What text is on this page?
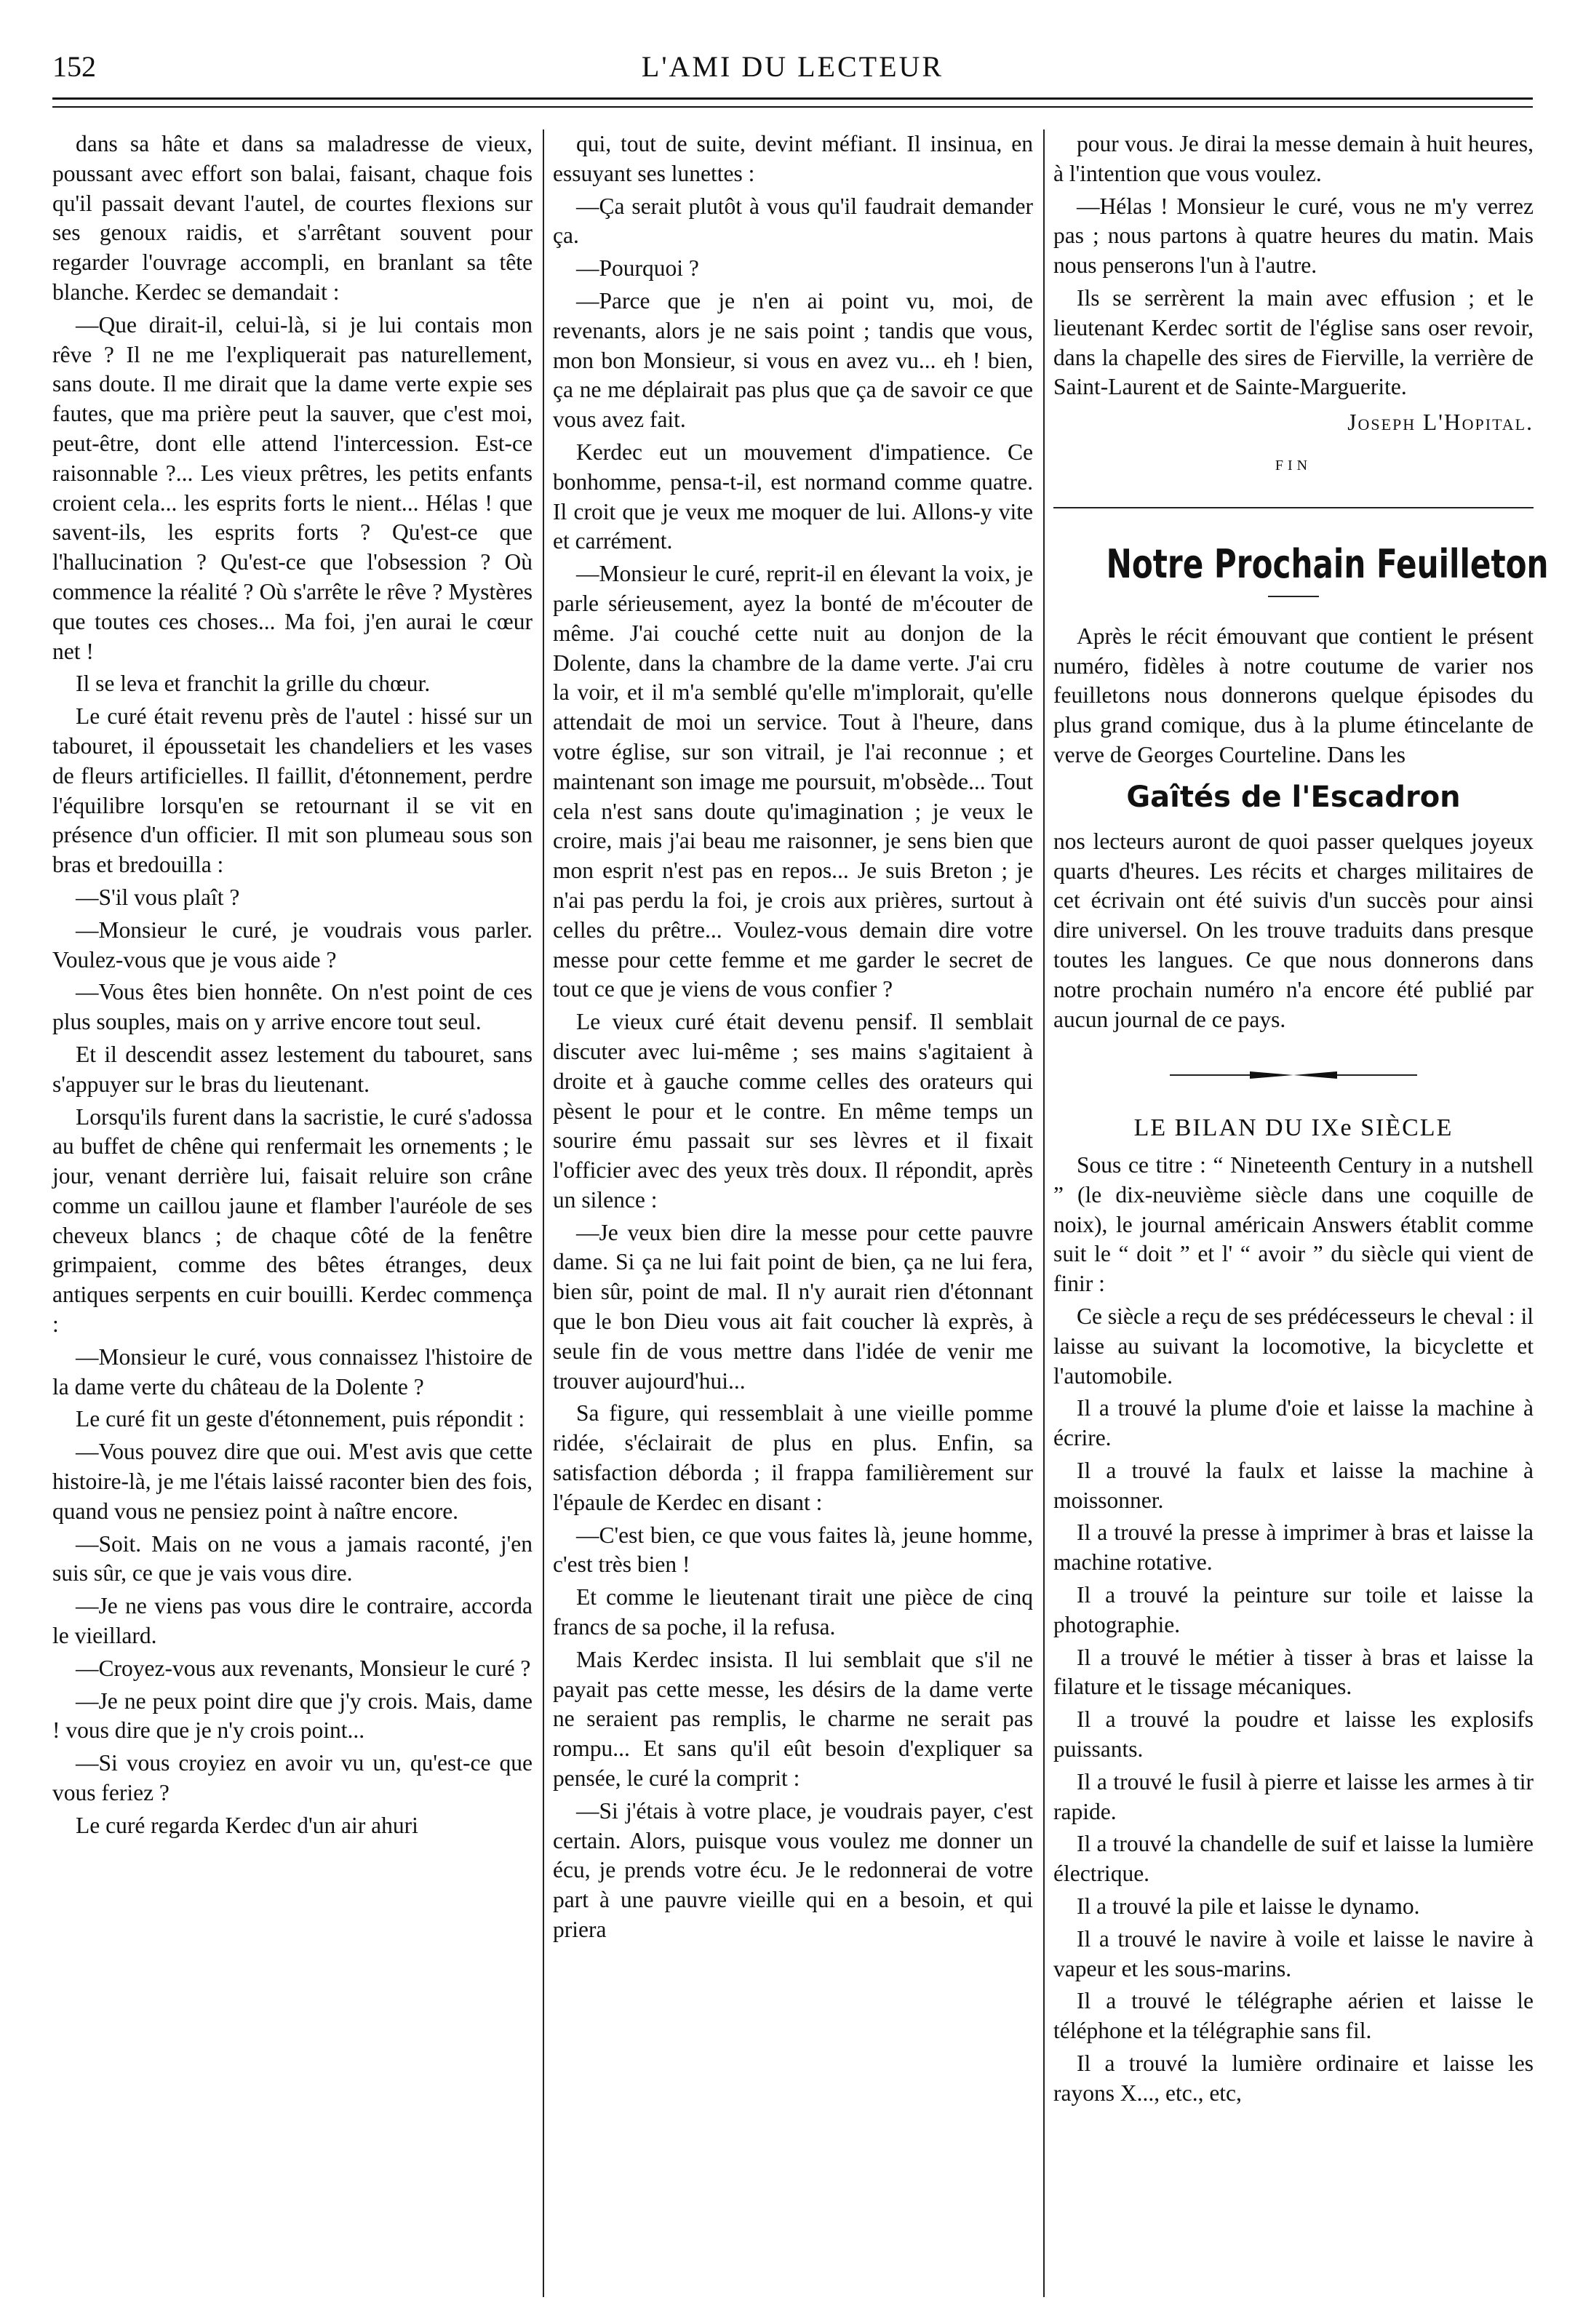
152	L'AMI DU LECTEUR

dans sa hâte et dans sa maladresse de vieux, poussant avec effort son balai, faisant, chaque fois qu'il passait devant l'autel, de courtes flexions sur ses genoux raidis, et s'arrêtant souvent pour regarder l'ouvrage accompli, en branlant sa tête blanche. Kerdec se demandait :

—Que dirait-il, celui-là, si je lui contais mon rêve ? Il ne me l'expliquerait pas naturellement, sans doute. Il me dirait que la dame verte expie ses fautes, que ma prière peut la sauver, que c'est moi, peut-être, dont elle attend l'intercession. Est-ce raisonnable ?... Les vieux prêtres, les petits enfants croient cela... les esprits forts le nient... Hélas ! que savent-ils, les esprits forts ? Qu'est-ce que l'hallucination ? Qu'est-ce que l'obsession ? Où commence la réalité ? Où s'arrête le rêve ? Mystères que toutes ces choses... Ma foi, j'en aurai le cœur net !

Il se leva et franchit la grille du chœur.

Le curé était revenu près de l'autel : hissé sur un tabouret, il époussetait les chandeliers et les vases de fleurs artificielles. Il faillit, d'étonnement, perdre l'équilibre lorsqu'en se retournant il se vit en présence d'un officier. Il mit son plumeau sous son bras et bredouilla :

—S'il vous plaît ?

—Monsieur le curé, je voudrais vous parler. Voulez-vous que je vous aide ?

—Vous êtes bien honnête. On n'est point de ces plus souples, mais on y arrive encore tout seul.

Et il descendit assez lestement du tabouret, sans s'appuyer sur le bras du lieutenant.

Lorsqu'ils furent dans la sacristie, le curé s'adossa au buffet de chêne qui renfermait les ornements ; le jour, venant derrière lui, faisait reluire son crâne comme un caillou jaune et flamber l'auréole de ses cheveux blancs ; de chaque côté de la fenêtre grimpaient, comme des bêtes étranges, deux antiques serpents en cuir bouilli. Kerdec commença :

—Monsieur le curé, vous connaissez l'histoire de la dame verte du château de la Dolente ?

Le curé fit un geste d'étonnement, puis répondit :

—Vous pouvez dire que oui. M'est avis que cette histoire-là, je me l'étais laissé raconter bien des fois, quand vous ne pensiez point à naître encore.

—Soit. Mais on ne vous a jamais raconté, j'en suis sûr, ce que je vais vous dire.

—Je ne viens pas vous dire le contraire, accorda le vieillard.

—Croyez-vous aux revenants, Monsieur le curé ?

—Je ne peux point dire que j'y crois. Mais, dame ! vous dire que je n'y crois point...

—Si vous croyiez en avoir vu un, qu'est-ce que vous feriez ?

Le curé regarda Kerdec d'un air ahuri

qui, tout de suite, devint méfiant. Il insinua, en essuyant ses lunettes :

—Ça serait plutôt à vous qu'il faudrait demander ça.

—Pourquoi ?

—Parce que je n'en ai point vu, moi, de revenants, alors je ne sais point ; tandis que vous, mon bon Monsieur, si vous en avez vu... eh ! bien, ça ne me déplairait pas plus que ça de savoir ce que vous avez fait.

Kerdec eut un mouvement d'impatience. Ce bonhomme, pensa-t-il, est normand comme quatre. Il croit que je veux me moquer de lui. Allons-y vite et carrément.

—Monsieur le curé, reprit-il en élevant la voix, je parle sérieusement, ayez la bonté de m'écouter de même. J'ai couché cette nuit au donjon de la Dolente, dans la chambre de la dame verte. J'ai cru la voir, et il m'a semblé qu'elle m'implorait, qu'elle attendait de moi un service. Tout à l'heure, dans votre église, sur son vitrail, je l'ai reconnue ; et maintenant son image me poursuit, m'obsède... Tout cela n'est sans doute qu'imagination ; je veux le croire, mais j'ai beau me raisonner, je sens bien que mon esprit n'est pas en repos... Je suis Breton ; je n'ai pas perdu la foi, je crois aux prières, surtout à celles du prêtre... Voulez-vous demain dire votre messe pour cette femme et me garder le secret de tout ce que je viens de vous confier ?

Le vieux curé était devenu pensif. Il semblait discuter avec lui-même ; ses mains s'agitaient à droite et à gauche comme celles des orateurs qui pèsent le pour et le contre. En même temps un sourire ému passait sur ses lèvres et il fixait l'officier avec des yeux très doux. Il répondit, après un silence :

—Je veux bien dire la messe pour cette pauvre dame. Si ça ne lui fait point de bien, ça ne lui fera, bien sûr, point de mal. Il n'y aurait rien d'étonnant que le bon Dieu vous ait fait coucher là exprès, à seule fin de vous mettre dans l'idée de venir me trouver aujourd'hui...

Sa figure, qui ressemblait à une vieille pomme ridée, s'éclairait de plus en plus. Enfin, sa satisfaction déborda ; il frappa familièrement sur l'épaule de Kerdec en disant :

—C'est bien, ce que vous faites là, jeune homme, c'est très bien !

Et comme le lieutenant tirait une pièce de cinq francs de sa poche, il la refusa.

Mais Kerdec insista. Il lui semblait que s'il ne payait pas cette messe, les désirs de la dame verte ne seraient pas remplis, le charme ne serait pas rompu... Et sans qu'il eût besoin d'expliquer sa pensée, le curé la comprit :

—Si j'étais à votre place, je voudrais payer, c'est certain. Alors, puisque vous voulez me donner un écu, je prends votre écu. Je le redonnerai de votre part à une pauvre vieille qui en a besoin, et qui priera

pour vous. Je dirai la messe demain à huit heures, à l'intention que vous voulez.

—Hélas ! Monsieur le curé, vous ne m'y verrez pas ; nous partons à quatre heures du matin. Mais nous penserons l'un à l'autre.

Ils se serrèrent la main avec effusion ; et le lieutenant Kerdec sortit de l'église sans oser revoir, dans la chapelle des sires de Fierville, la verrière de Saint-Laurent et de Sainte-Marguerite.

Joseph L'Hopital.
FIN
Notre Prochain Feuilleton

Après le récit émouvant que contient le présent numéro, fidèles à notre coutume de varier nos feuilletons nous donnerons quelque épisodes du plus grand comique, dus à la plume étincelante de verve de Georges Courteline. Dans les

Gaîtés de l'Escadron

nos lecteurs auront de quoi passer quelques joyeux quarts d'heures. Les récits et charges militaires de cet écrivain ont été suivis d'un succès pour ainsi dire universel. On les trouve traduits dans presque toutes les langues. Ce que nous donnerons dans notre prochain numéro n'a encore été publié par aucun journal de ce pays.

LE BILAN DU IXe SIÈCLE

Sous ce titre : “ Nineteenth Century in a nutshell ” (le dix-neuvième siècle dans une coquille de noix), le journal américain Answers établit comme suit le “ doit ” et l' “ avoir ” du siècle qui vient de finir :

Ce siècle a reçu de ses prédécesseurs le cheval : il laisse au suivant la locomotive, la bicyclette et l'automobile.

Il a trouvé la plume d'oie et laisse la machine à écrire.

Il a trouvé la faulx et laisse la machine à moissonner.

Il a trouvé la presse à imprimer à bras et laisse la machine rotative.

Il a trouvé la peinture sur toile et laisse la photographie.

Il a trouvé le métier à tisser à bras et laisse la filature et le tissage mécaniques.

Il a trouvé la poudre et laisse les explosifs puissants.

Il a trouvé le fusil à pierre et laisse les armes à tir rapide.

Il a trouvé la chandelle de suif et laisse la lumière électrique.

Il a trouvé la pile et laisse le dynamo.

Il a trouvé le navire à voile et laisse le navire à vapeur et les sous-marins.

Il a trouvé le télégraphe aérien et laisse le téléphone et la télégraphie sans fil.

Il a trouvé la lumière ordinaire et laisse les rayons X..., etc., etc,
